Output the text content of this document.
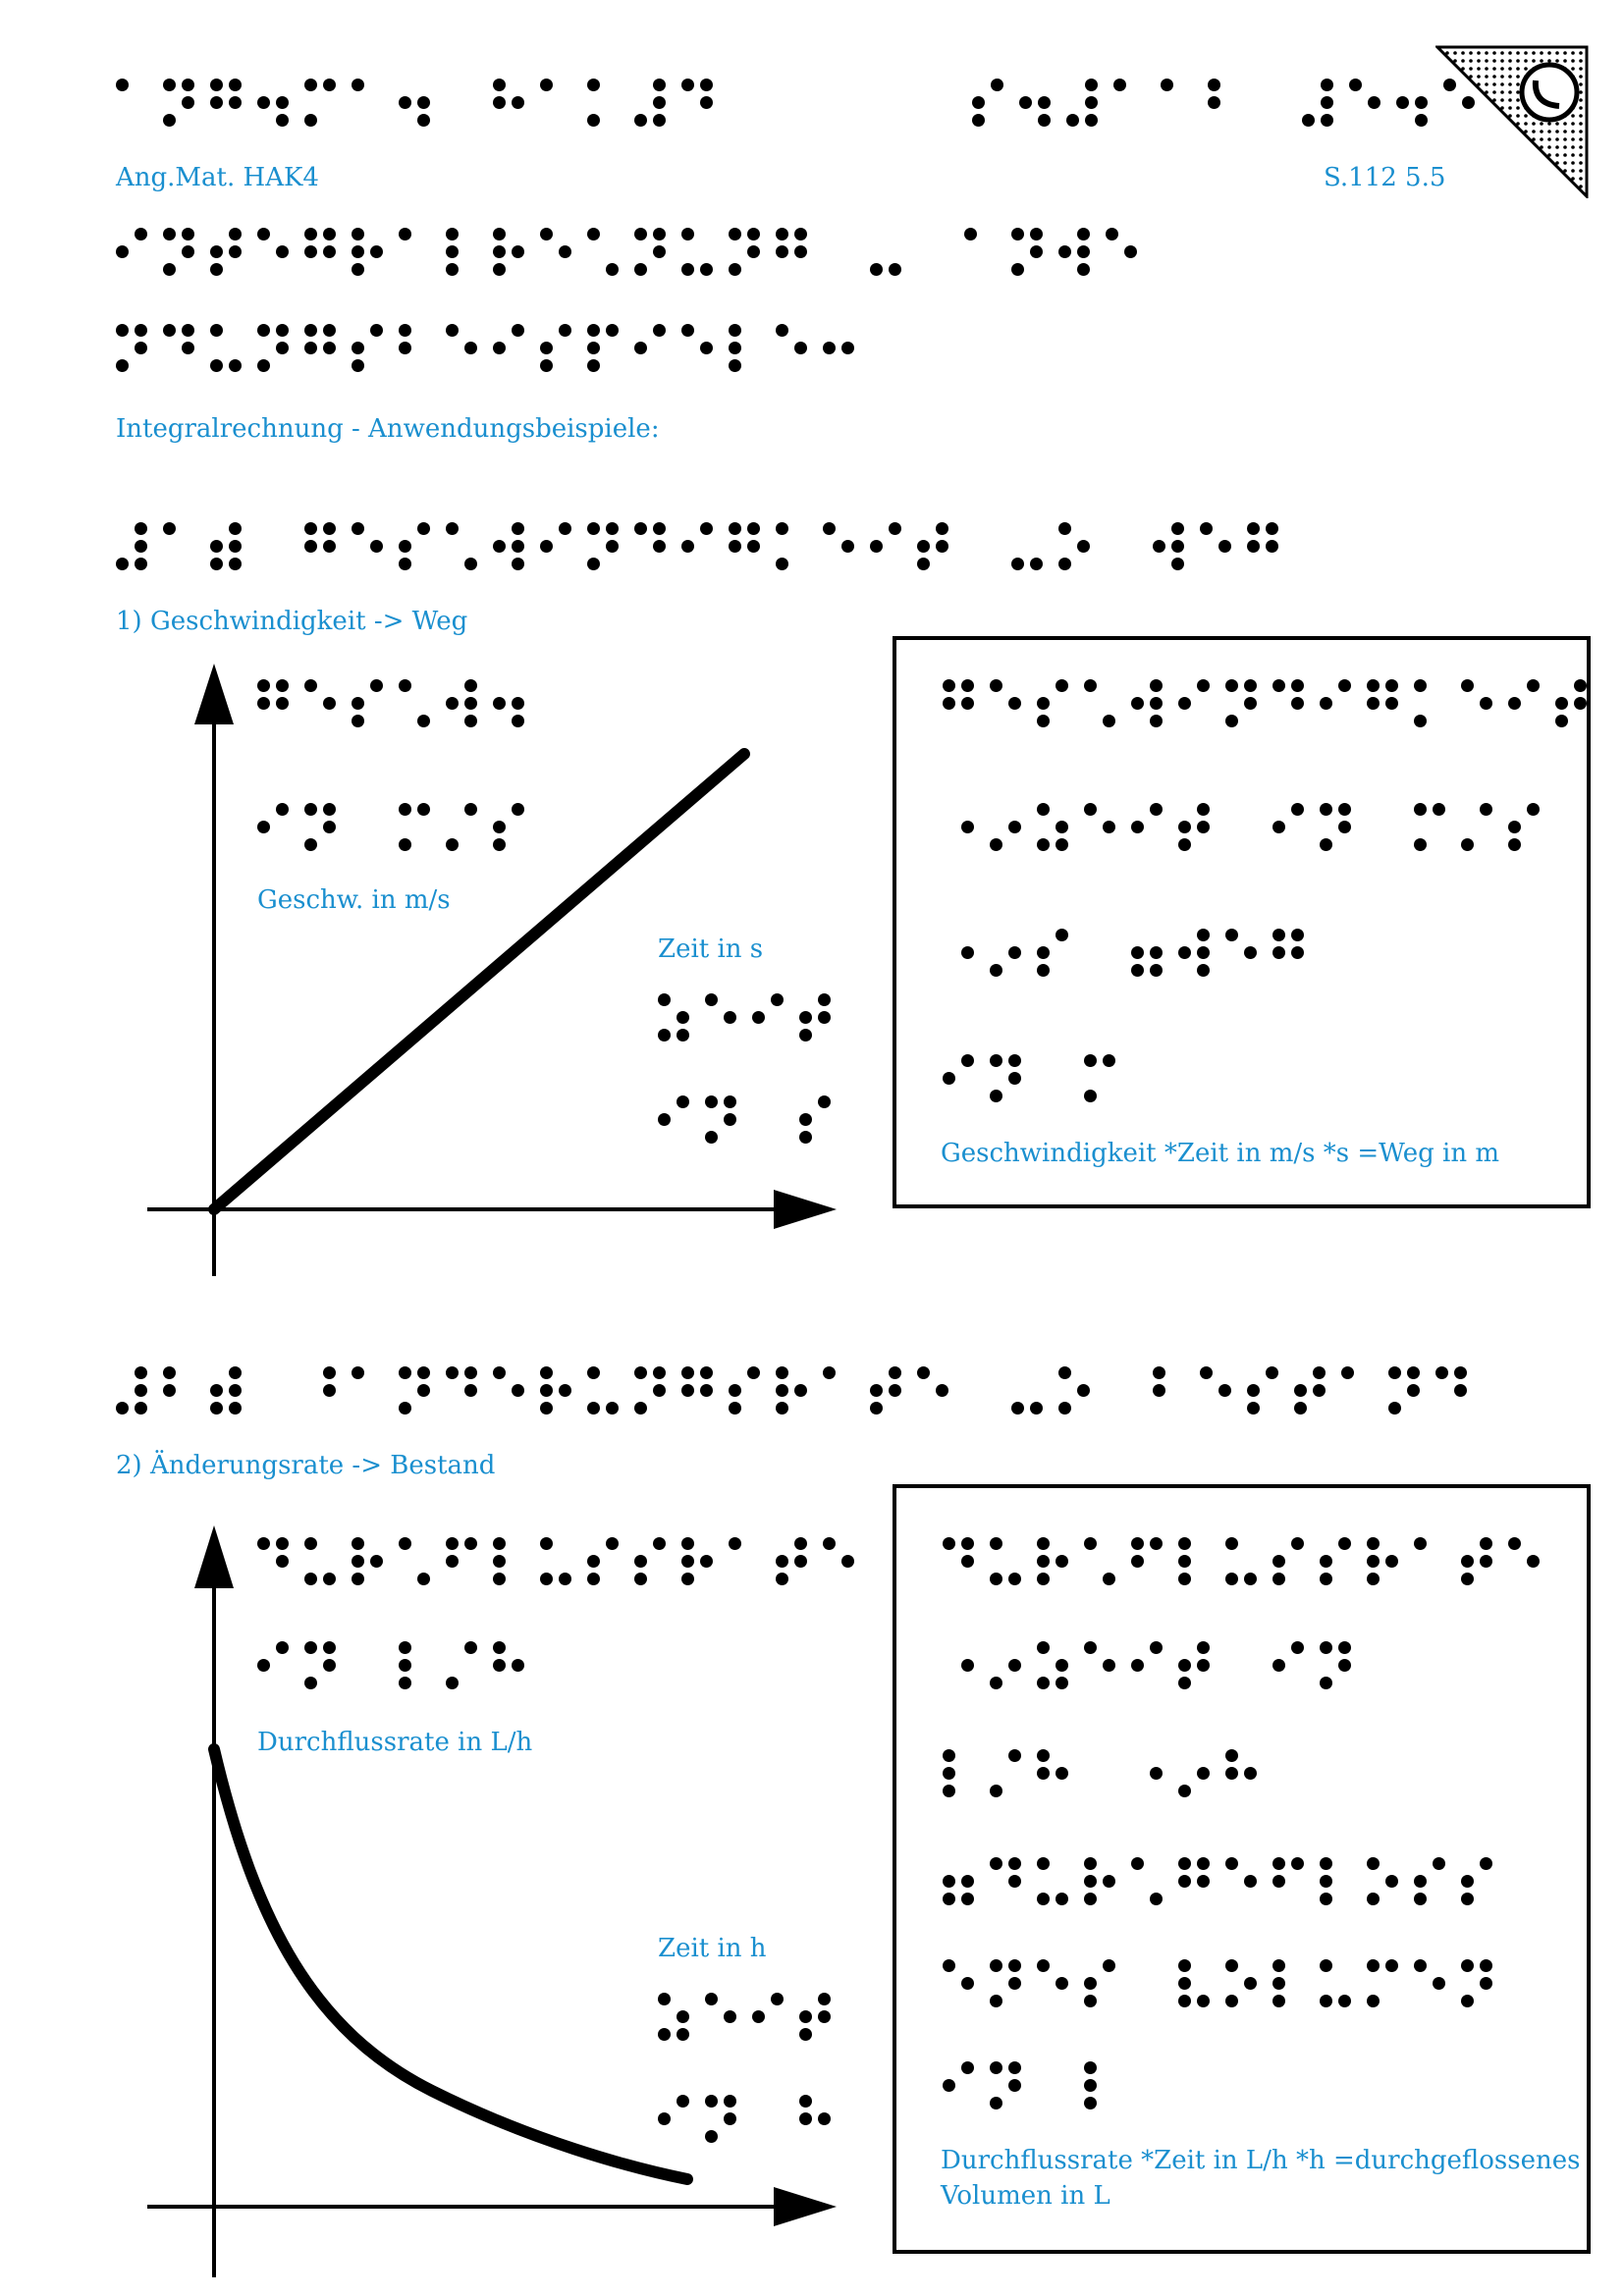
Ang.Mat. HAK4	S.112 5.5
Integralrechnung - Anwendungsbeispiele:
1) Geschwindigkeit -> Weg
Geschw. in m/s
Zeit in s
Geschwindigkeit *Zeit in m/s *s =Weg in m
2) Änderungsrate -> Bestand
Durchflussrate in L/h
Zeit in h
Durchflussrate *Zeit in L/h *h =durchgeflossenes
Volumen in L
